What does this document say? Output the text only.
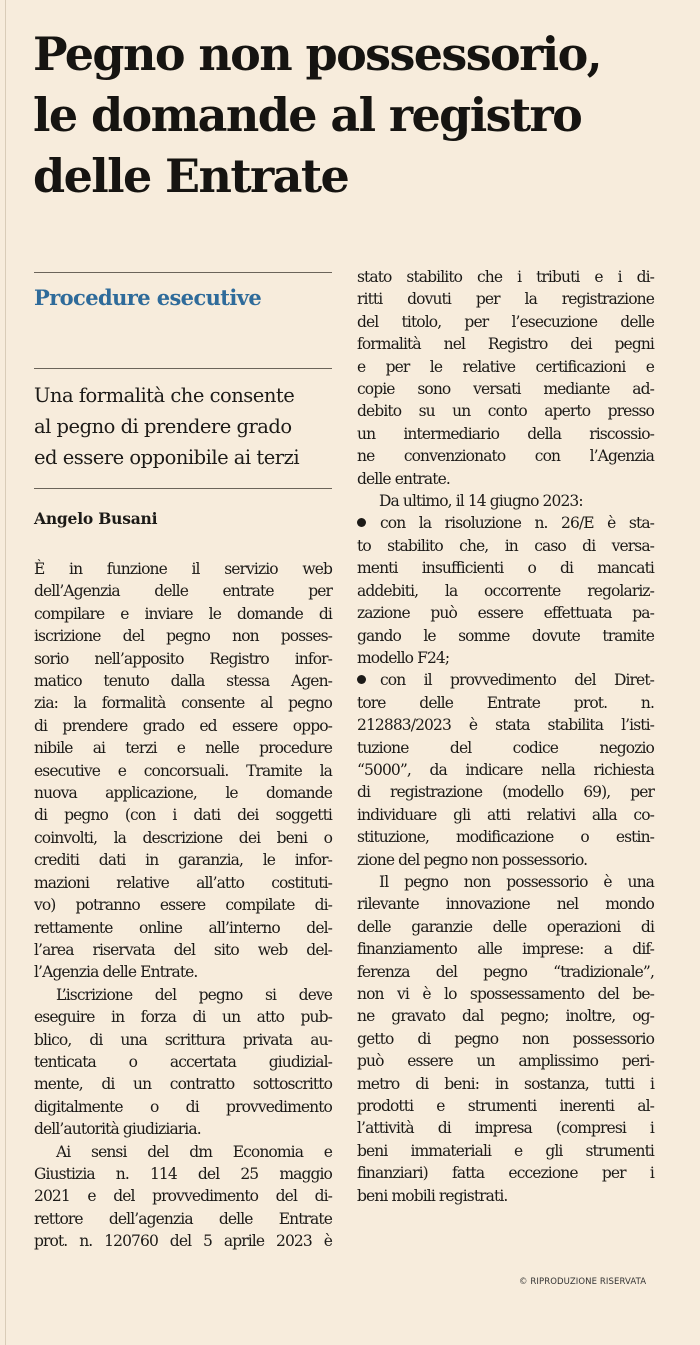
Pegno non possessorio,
le domande al registro
delle Entrate
Procedure esecutive
Una formalità che consente
al pegno di prendere grado
ed essere opponibile ai terzi
Angelo Busani
È in funzione il servizio web
dell’Agenzia delle entrate per
compilare e inviare le domande di
iscrizione del pegno non posses-
sorio nell’apposito Registro infor-
matico tenuto dalla stessa Agen-
zia: la formalità consente al pegno
di prendere grado ed essere oppo-
nibile ai terzi e nelle procedure
esecutive e concorsuali. Tramite la
nuova applicazione, le domande
di pegno (con i dati dei soggetti
coinvolti, la descrizione dei beni o
crediti dati in garanzia, le infor-
mazioni relative all’atto costituti-
vo) potranno essere compilate di-
rettamente online all’interno del-
l’area riservata del sito web del-
l’Agenzia delle Entrate.
L’iscrizione del pegno si deve
eseguire in forza di un atto pub-
blico, di una scrittura privata au-
tenticata o accertata giudizial-
mente, di un contratto sottoscritto
digitalmente o di provvedimento
dell’autorità giudiziaria.
Ai sensi del dm Economia e
Giustizia n. 114 del 25 maggio
2021 e del provvedimento del di-
rettore dell’agenzia delle Entrate
prot. n. 120760 del 5 aprile 2023 è
stato stabilito che i tributi e i di-
ritti dovuti per la registrazione
del titolo, per l’esecuzione delle
formalità nel Registro dei pegni
e per le relative certificazioni e
copie sono versati mediante ad-
debito su un conto aperto presso
un intermediario della riscossio-
ne convenzionato con l’Agenzia
delle entrate.
Da ultimo, il 14 giugno 2023:
con la risoluzione n. 26/E è sta-
to stabilito che, in caso di versa-
menti insufficienti o di mancati
addebiti, la occorrente regolariz-
zazione può essere effettuata pa-
gando le somme dovute tramite
modello F24;
con il provvedimento del Diret-
tore delle Entrate prot. n.
212883/2023 è stata stabilita l’isti-
tuzione del codice negozio
“5000”, da indicare nella richiesta
di registrazione (modello 69), per
individuare gli atti relativi alla co-
stituzione, modificazione o estin-
zione del pegno non possessorio.
Il pegno non possessorio è una
rilevante innovazione nel mondo
delle garanzie delle operazioni di
finanziamento alle imprese: a dif-
ferenza del pegno “tradizionale”,
non vi è lo spossessamento del be-
ne gravato dal pegno; inoltre, og-
getto di pegno non possessorio
può essere un amplissimo peri-
metro di beni: in sostanza, tutti i
prodotti e strumenti inerenti al-
l’attività di impresa (compresi i
beni immateriali e gli strumenti
finanziari) fatta eccezione per i
beni mobili registrati.
© RIPRODUZIONE RISERVATA
